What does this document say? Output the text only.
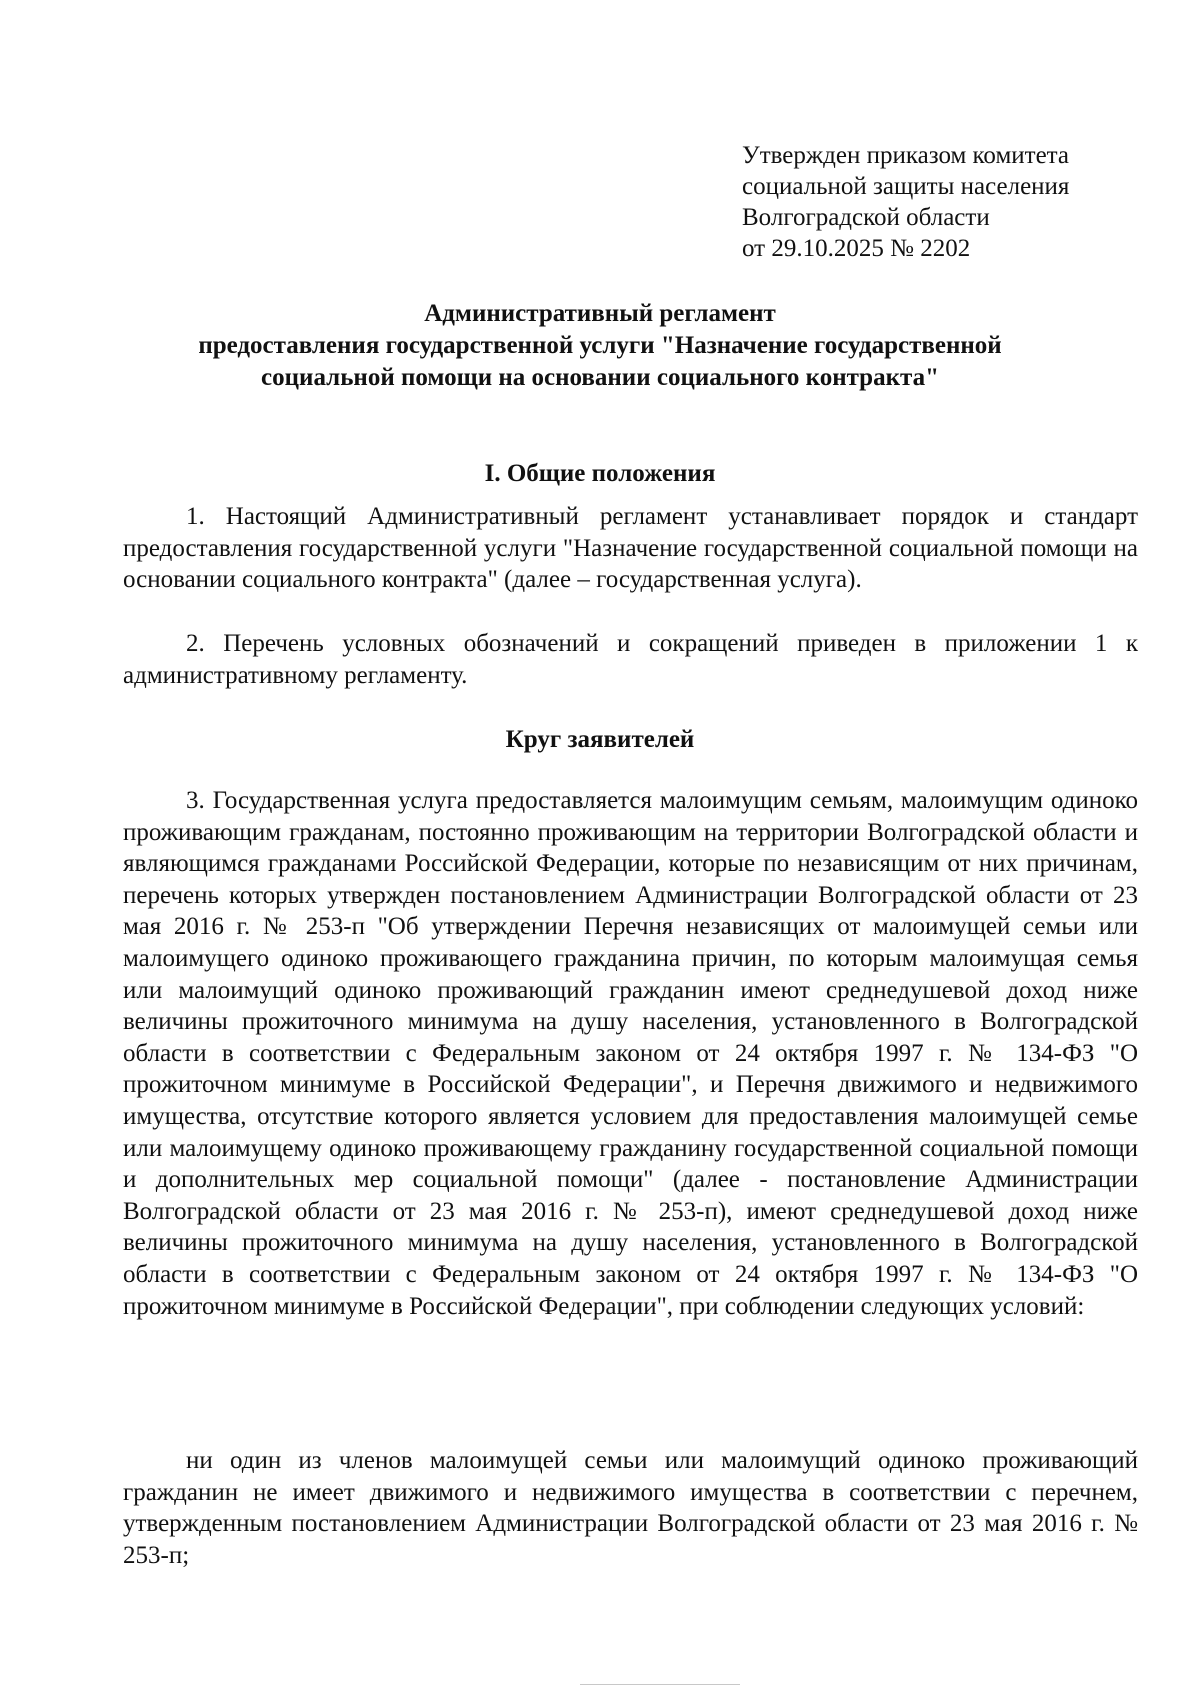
Утвержден приказом комитета
социальной защиты населения
Волгоградской области
от 29.10.2025 № 2202
Административный регламент
предоставления государственной услуги "Назначение государственной
социальной помощи на основании социального контракта"
I. Общие положения
1. Настоящий Административный регламент устанавливает порядок и стандарт предоставления государственной услуги "Назначение государственной социальной помощи на основании социального контракта" (далее – государственная услуга).
2. Перечень условных обозначений и сокращений приведен в приложении 1 к административному регламенту.
Круг заявителей
3. Государственная услуга предоставляется малоимущим семьям, малоимущим одиноко проживающим гражданам, постоянно проживающим на территории Волгоградской области и являющимся гражданами Российской Федерации, которые по независящим от них причинам, перечень которых утвержден постановлением Администрации Волгоградской области от 23 мая 2016 г. № 253-п "Об утверждении Перечня независящих от малоимущей семьи или малоимущего одиноко проживающего гражданина причин, по которым малоимущая семья или малоимущий одиноко проживающий гражданин имеют среднедушевой доход ниже величины прожиточного минимума на душу населения, установленного в Волгоградской области в соответствии с Федеральным законом от 24 октября 1997 г. № 134-ФЗ "О прожиточном минимуме в Российской Федерации", и Перечня движимого и недвижимого имущества, отсутствие которого является условием для предоставления малоимущей семье или малоимущему одиноко проживающему гражданину государственной социальной помощи и дополнительных мер социальной помощи" (далее - постановление Администрации Волгоградской области от 23 мая 2016 г. № 253-п), имеют среднедушевой доход ниже величины прожиточного минимума на душу населения, установленного в Волгоградской области в соответствии с Федеральным законом от 24 октября 1997 г. № 134-ФЗ "О прожиточном минимуме в Российской Федерации", при соблюдении следующих условий:
ни один из членов малоимущей семьи или малоимущий одиноко проживающий гражданин не имеет движимого и недвижимого имущества в соответствии с перечнем, утвержденным постановлением Администрации Волгоградской области от 23 мая 2016 г. № 253-п;
